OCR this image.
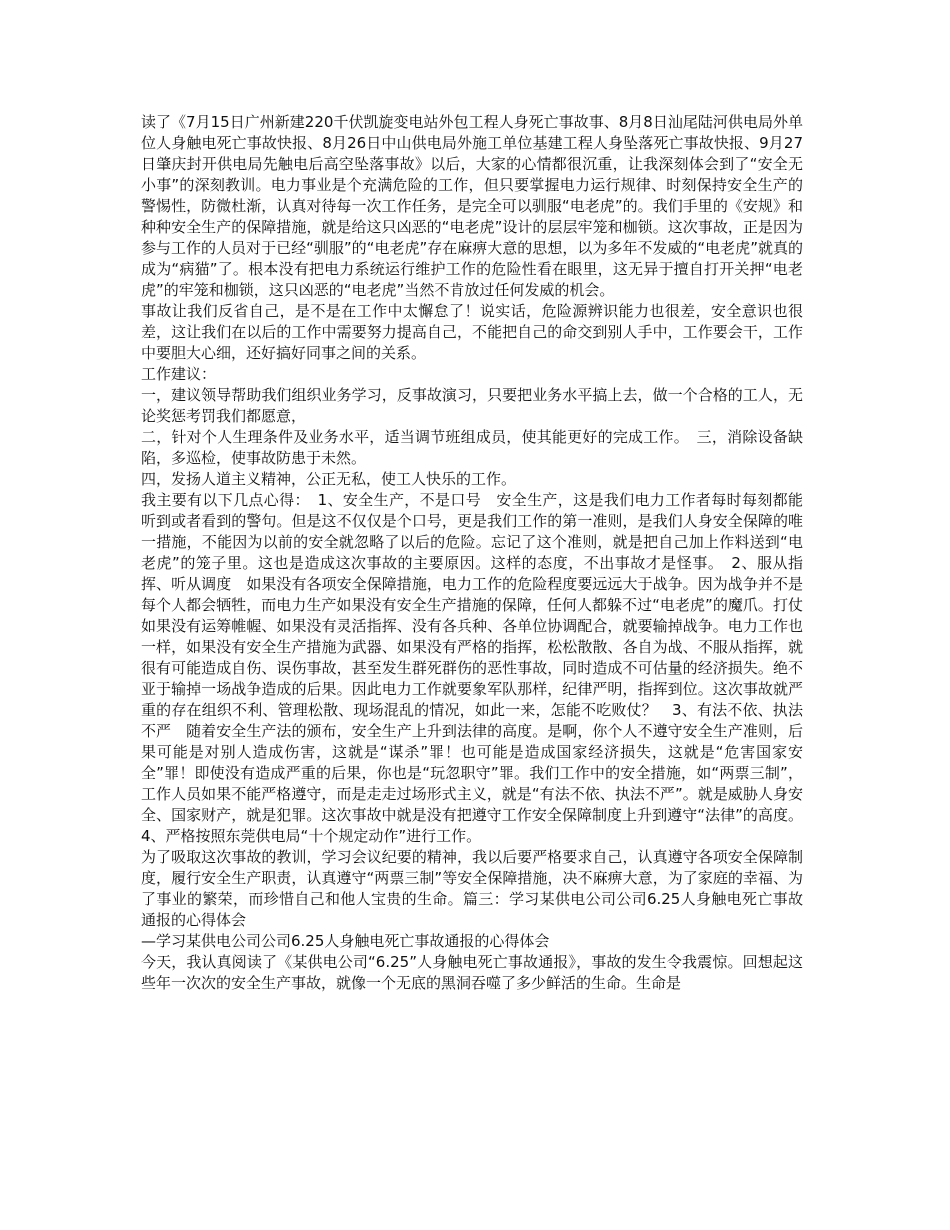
读了《7月15日广州新建220千伏凯旋变电站外包工程人身死亡事故事、8月8日汕尾陆河供电局外单位人身触电死亡事故快报、8月26日中山供电局外施工单位基建工程人身坠落死亡事故快报、9月27日肇庆封开供电局先触电后高空坠落事故》以后，大家的心情都很沉重，让我深刻体会到了“安全无小事”的深刻教训。电力事业是个充满危险的工作，但只要掌握电力运行规律、时刻保持安全生产的警惕性，防微杜渐，认真对待每一次工作任务，是完全可以驯服“电老虎”的。我们手里的《安规》和种种安全生产的保障措施，就是给这只凶恶的“电老虎”设计的层层牢笼和枷锁。这次事故，正是因为参与工作的人员对于已经“驯服”的“电老虎”存在麻痹大意的思想，以为多年不发威的“电老虎”就真的成为“病猫”了。根本没有把电力系统运行维护工作的危险性看在眼里，这无异于擅自打开关押“电老虎”的牢笼和枷锁，这只凶恶的“电老虎”当然不肯放过任何发威的机会。

事故让我们反省自己，是不是在工作中太懈怠了！说实话，危险源辨识能力也很差，安全意识也很差，这让我们在以后的工作中需要努力提高自己，不能把自己的命交到别人手中，工作要会干，工作中要胆大心细，还好搞好同事之间的关系。

工作建议：

一，建议领导帮助我们组织业务学习，反事故演习，只要把业务水平搞上去，做一个合格的工人，无论奖惩考罚我们都愿意，

二，针对个人生理条件及业务水平，适当调节班组成员，使其能更好的完成工作。　三，消除设备缺陷，多巡检，使事故防患于未然。

四，发扬人道主义精神，公正无私，使工人快乐的工作。

我主要有以下几点心得：　1、安全生产，不是口号　安全生产，这是我们电力工作者每时每刻都能听到或者看到的警句。但是这不仅仅是个口号，更是我们工作的第一准则，是我们人身安全保障的唯一措施，不能因为以前的安全就忽略了以后的危险。忘记了这个准则，就是把自己加上作料送到“电老虎”的笼子里。这也是造成这次事故的主要原因。这样的态度，不出事故才是怪事。　2、服从指挥、听从调度　如果没有各项安全保障措施，电力工作的危险程度要远远大于战争。因为战争并不是每个人都会牺牲，而电力生产如果没有安全生产措施的保障，任何人都躲不过“电老虎”的魔爪。打仗如果没有运筹帷幄、如果没有灵活指挥、没有各兵种、各单位协调配合，就要输掉战争。电力工作也一样，如果没有安全生产措施为武器、如果没有严格的指挥，松松散散、各自为战、不服从指挥，就很有可能造成自伤、误伤事故，甚至发生群死群伤的恶性事故，同时造成不可估量的经济损失。绝不亚于输掉一场战争造成的后果。因此电力工作就要象军队那样，纪律严明，指挥到位。这次事故就严重的存在组织不利、管理松散、现场混乱的情况，如此一来，怎能不吃败仗？　3、有法不依、执法不严　随着安全生产法的颁布，安全生产上升到法律的高度。是啊，你个人不遵守安全生产准则，后果可能是对别人造成伤害，这就是“谋杀”罪！也可能是造成国家经济损失，这就是“危害国家安全”罪！即使没有造成严重的后果，你也是“玩忽职守”罪。我们工作中的安全措施，如“两票三制”，工作人员如果不能严格遵守，而是走走过场形式主义，就是“有法不依、执法不严”。就是威胁人身安全、国家财产，就是犯罪。这次事故中就是没有把遵守工作安全保障制度上升到遵守“法律”的高度。4、严格按照东莞供电局“十个规定动作”进行工作。

为了吸取这次事故的教训，学习会议纪要的精神，我以后要严格要求自己，认真遵守各项安全保障制度，履行安全生产职责，认真遵守“两票三制”等安全保障措施，决不麻痹大意，为了家庭的幸福、为了事业的繁荣，而珍惜自己和他人宝贵的生命。篇三：学习某供电公司公司6.25人身触电死亡事故通报的心得体会

—学习某供电公司公司6.25人身触电死亡事故通报的心得体会

今天，我认真阅读了《某供电公司“6.25”人身触电死亡事故通报》，事故的发生令我震惊。回想起这些年一次次的安全生产事故，就像一个无底的黑洞吞噬了多少鲜活的生命。生命是
